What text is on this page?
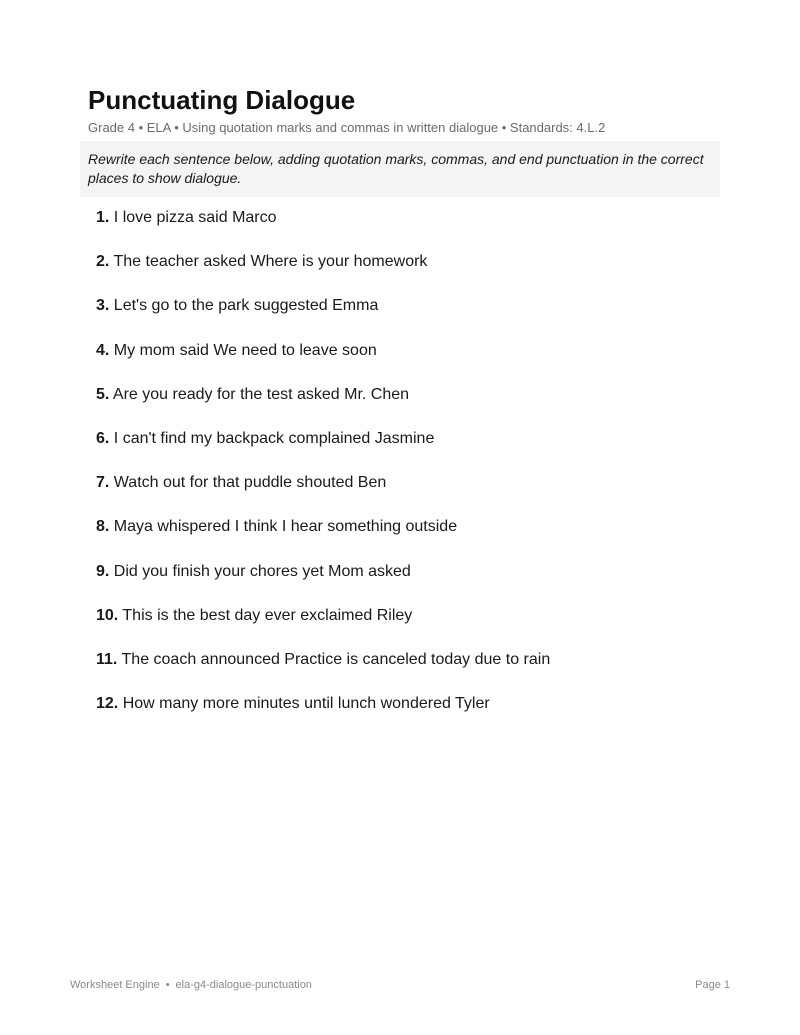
Punctuating Dialogue
Grade 4 • ELA • Using quotation marks and commas in written dialogue • Standards: 4.L.2
Rewrite each sentence below, adding quotation marks, commas, and end punctuation in the correct places to show dialogue.
1. I love pizza said Marco
2. The teacher asked Where is your homework
3. Let's go to the park suggested Emma
4. My mom said We need to leave soon
5. Are you ready for the test asked Mr. Chen
6. I can't find my backpack complained Jasmine
7. Watch out for that puddle shouted Ben
8. Maya whispered I think I hear something outside
9. Did you finish your chores yet Mom asked
10. This is the best day ever exclaimed Riley
11. The coach announced Practice is canceled today due to rain
12. How many more minutes until lunch wondered Tyler
Worksheet Engine • ela-g4-dialogue-punctuation	Page 1
